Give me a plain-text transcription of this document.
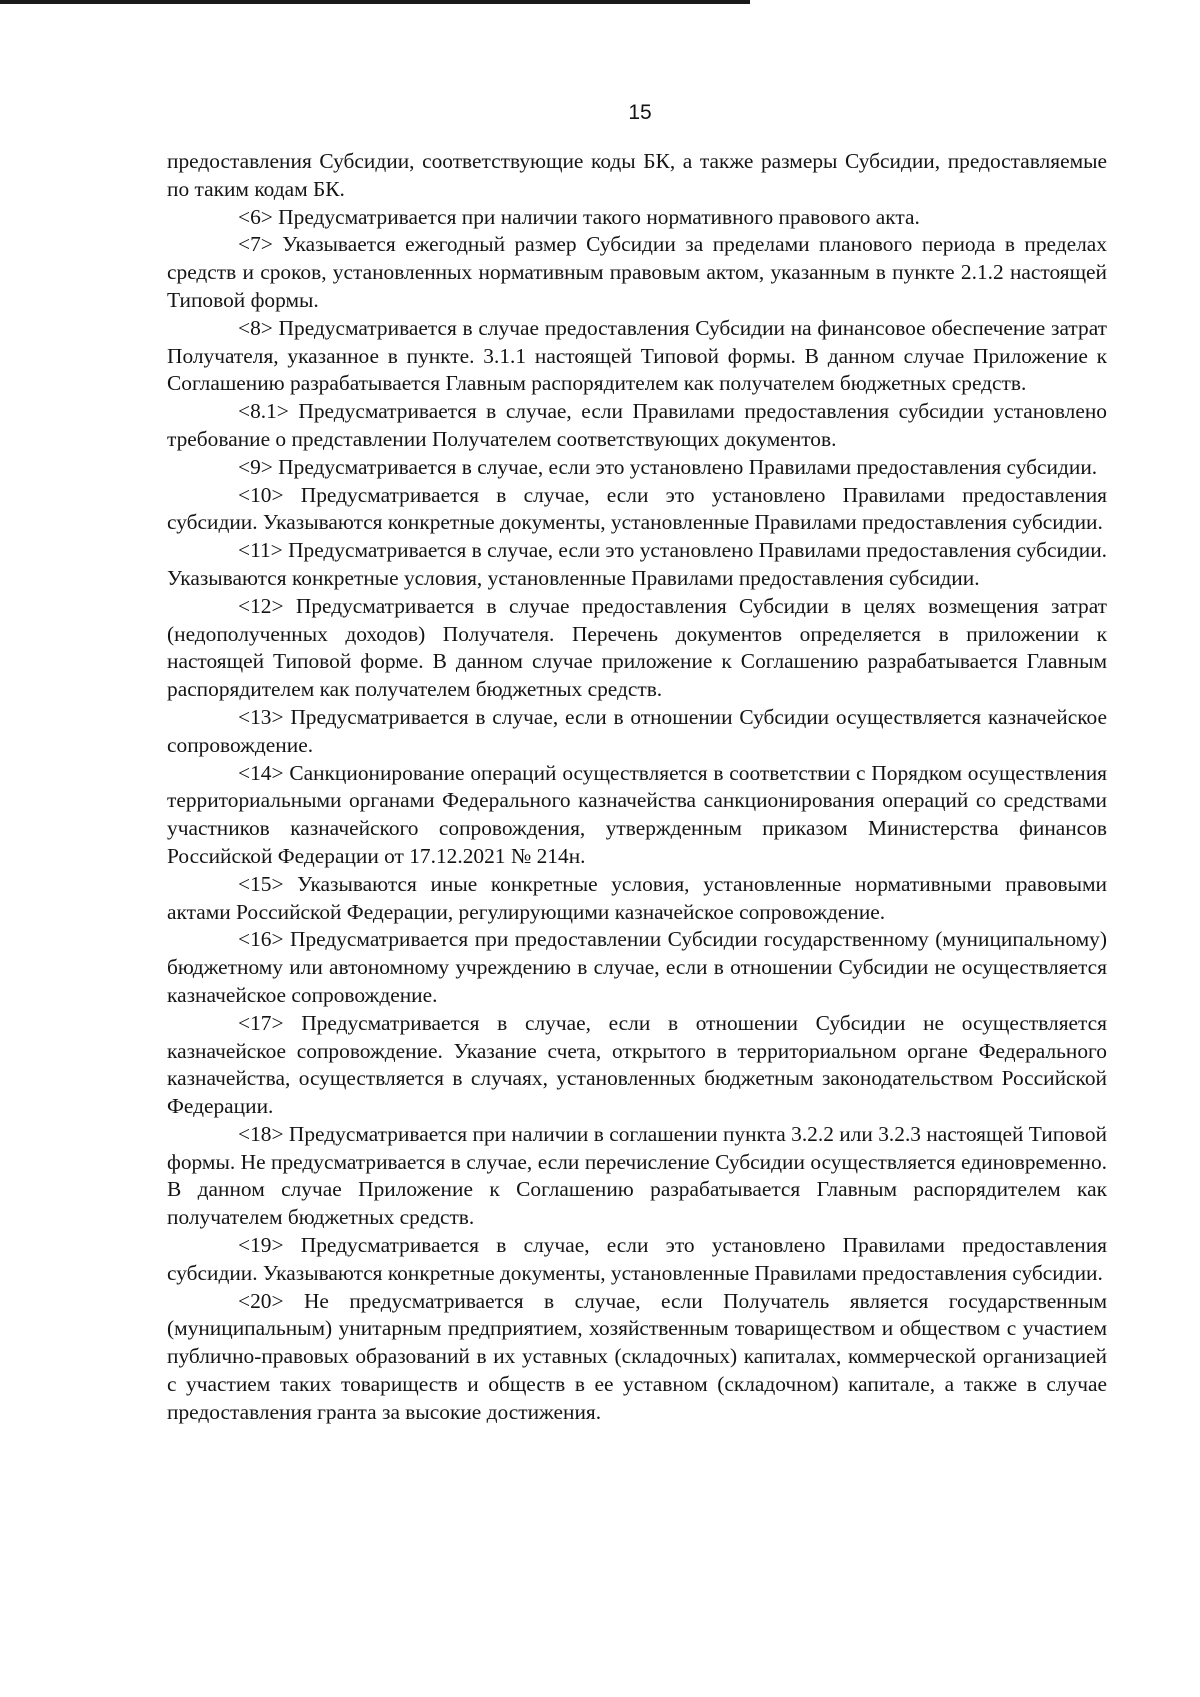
15

предоставления Субсидии, соответствующие коды БК, а также размеры Субсидии, предоставляемые по таким кодам БК.

<6> Предусматривается при наличии такого нормативного правового акта.

<7> Указывается ежегодный размер Субсидии за пределами планового периода в пределах средств и сроков, установленных нормативным правовым актом, указанным в пункте 2.1.2 настоящей Типовой формы.

<8> Предусматривается в случае предоставления Субсидии на финансовое обеспечение затрат Получателя, указанное в пункте. 3.1.1 настоящей Типовой формы. В данном случае Приложение к Соглашению разрабатывается Главным распорядителем как получателем бюджетных средств.

<8.1> Предусматривается в случае, если Правилами предоставления субсидии установлено требование о представлении Получателем соответствующих документов.

<9> Предусматривается в случае, если это установлено Правилами предоставления субсидии.

<10> Предусматривается в случае, если это установлено Правилами предоставления субсидии. Указываются конкретные документы, установленные Правилами предоставления субсидии.

<11> Предусматривается в случае, если это установлено Правилами предоставления субсидии. Указываются конкретные условия, установленные Правилами предоставления субсидии.

<12> Предусматривается в случае предоставления Субсидии в целях возмещения затрат (недополученных доходов) Получателя. Перечень документов определяется в приложении к настоящей Типовой форме. В данном случае приложение к Соглашению разрабатывается Главным распорядителем как получателем бюджетных средств.

<13> Предусматривается в случае, если в отношении Субсидии осуществляется казначейское сопровождение.

<14> Санкционирование операций осуществляется в соответствии с Порядком осуществления территориальными органами Федерального казначейства санкционирования операций со средствами участников казначейского сопровождения, утвержденным приказом Министерства финансов Российской Федерации от 17.12.2021 № 214н.

<15> Указываются иные конкретные условия, установленные нормативными правовыми актами Российской Федерации, регулирующими казначейское сопровождение.

<16> Предусматривается при предоставлении Субсидии государственному (муниципальному) бюджетному или автономному учреждению в случае, если в отношении Субсидии не осуществляется казначейское сопровождение.

<17> Предусматривается в случае, если в отношении Субсидии не осуществляется казначейское сопровождение. Указание счета, открытого в территориальном органе Федерального казначейства, осуществляется в случаях, установленных бюджетным законодательством Российской Федерации.

<18> Предусматривается при наличии в соглашении пункта 3.2.2 или 3.2.3 настоящей Типовой формы. Не предусматривается в случае, если перечисление Субсидии осуществляется единовременно. В данном случае Приложение к Соглашению разрабатывается Главным распорядителем как получателем бюджетных средств.

<19> Предусматривается в случае, если это установлено Правилами предоставления субсидии. Указываются конкретные документы, установленные Правилами предоставления субсидии.

<20> Не предусматривается в случае, если Получатель является государственным (муниципальным) унитарным предприятием, хозяйственным товариществом и обществом с участием публично-правовых образований в их уставных (складочных) капиталах, коммерческой организацией с участием таких товариществ и обществ в ее уставном (складочном) капитале, а также в случае предоставления гранта за высокие достижения.
